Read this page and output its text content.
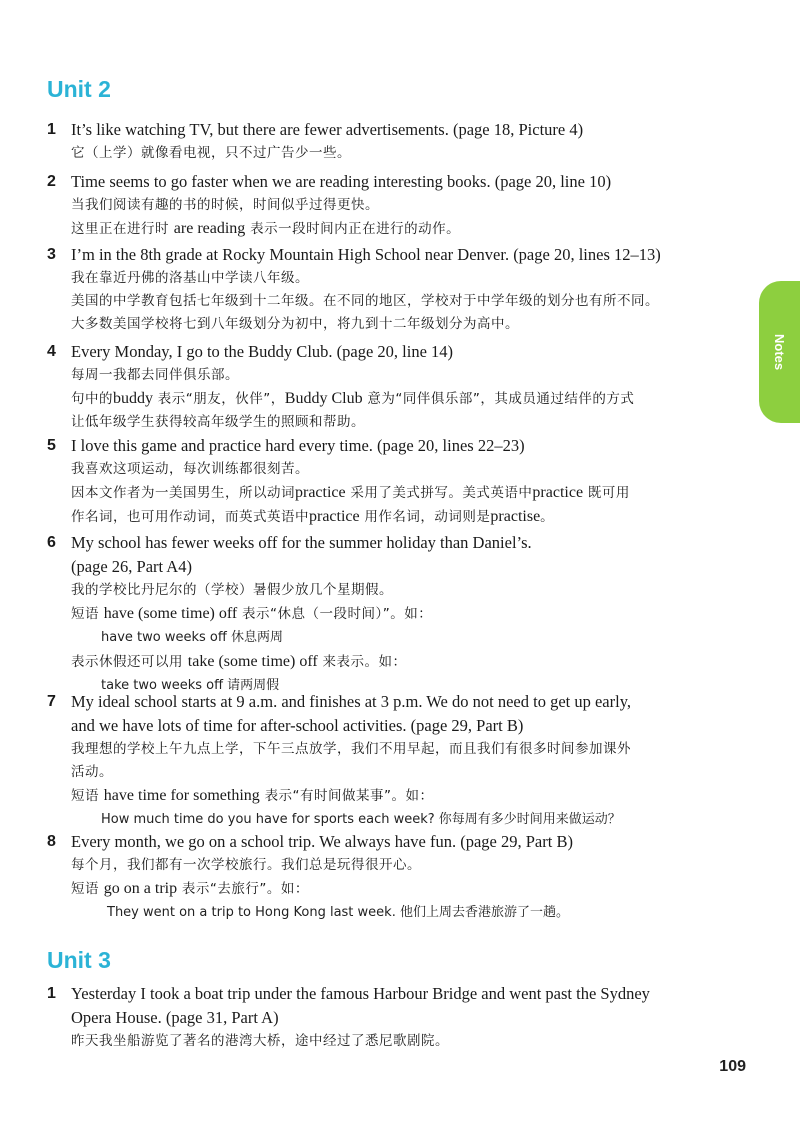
Unit 2
1 It’s like watching TV, but there are fewer advertisements. (page 18, Picture 4)

它（上学）就像看电视，只不过广告少一些。

2 Time seems to go faster when we are reading interesting books. (page 20, line 10)

当我们阅读有趣的书的时候，时间似乎过得更快。

这里正在进行时 are reading 表示一段时间内正在进行的动作。

3 I’m in the 8th grade at Rocky Mountain High School near Denver. (page 20, lines 12–13)

我在靠近丹佛的洛基山中学读八年级。

美国的中学教育包括七年级到十二年级。在不同的地区，学校对于中学年级的划分也有所不同。

大多数美国学校将七到八年级划分为初中，将九到十二年级划分为高中。

4 Every Monday, I go to the Buddy Club. (page 20, line 14)

每周一我都去同伴俱乐部。

句中的buddy 表示“朋友，伙伴”，Buddy Club 意为“同伴俱乐部”，其成员通过结伴的方式

让低年级学生获得较高年级学生的照顾和帮助。

5 I love this game and practice hard every time. (page 20, lines 22–23)

我喜欢这项运动，每次训练都很刻苦。

因本文作者为一美国男生，所以动词practice 采用了美式拼写。美式英语中practice 既可用

作名词，也可用作动词，而英式英语中practice 用作名词，动词则是practise。

6 My school has fewer weeks off for the summer holiday than Daniel’s.

(page 26, Part A4)

我的学校比丹尼尔的（学校）暑假少放几个星期假。

短语 have (some time) off 表示“休息（一段时间）”。如：

have two weeks off 休息两周

表示休假还可以用 take (some time) off 来表示。如：

take two weeks off 请两周假

7 My ideal school starts at 9 a.m. and finishes at 3 p.m. We do not need to get up early,

and we have lots of time for after-school activities. (page 29, Part B)

我理想的学校上午九点上学，下午三点放学，我们不用早起，而且我们有很多时间参加课外

活动。

短语 have time for something 表示“有时间做某事”。如：

How much time do you have for sports each week? 你每周有多少时间用来做运动？

8 Every month, we go on a school trip. We always have fun. (page 29, Part B)

每个月，我们都有一次学校旅行。我们总是玩得很开心。

短语 go on a trip 表示“去旅行”。如：

They went on a trip to Hong Kong last week. 他们上周去香港旅游了一趟。

Unit 3
1 Yesterday I took a boat trip under the famous Harbour Bridge and went past the Sydney

Opera House. (page 31, Part A)

昨天我坐船游览了著名的港湾大桥，途中经过了悉尼歌剧院。

Notes
109
